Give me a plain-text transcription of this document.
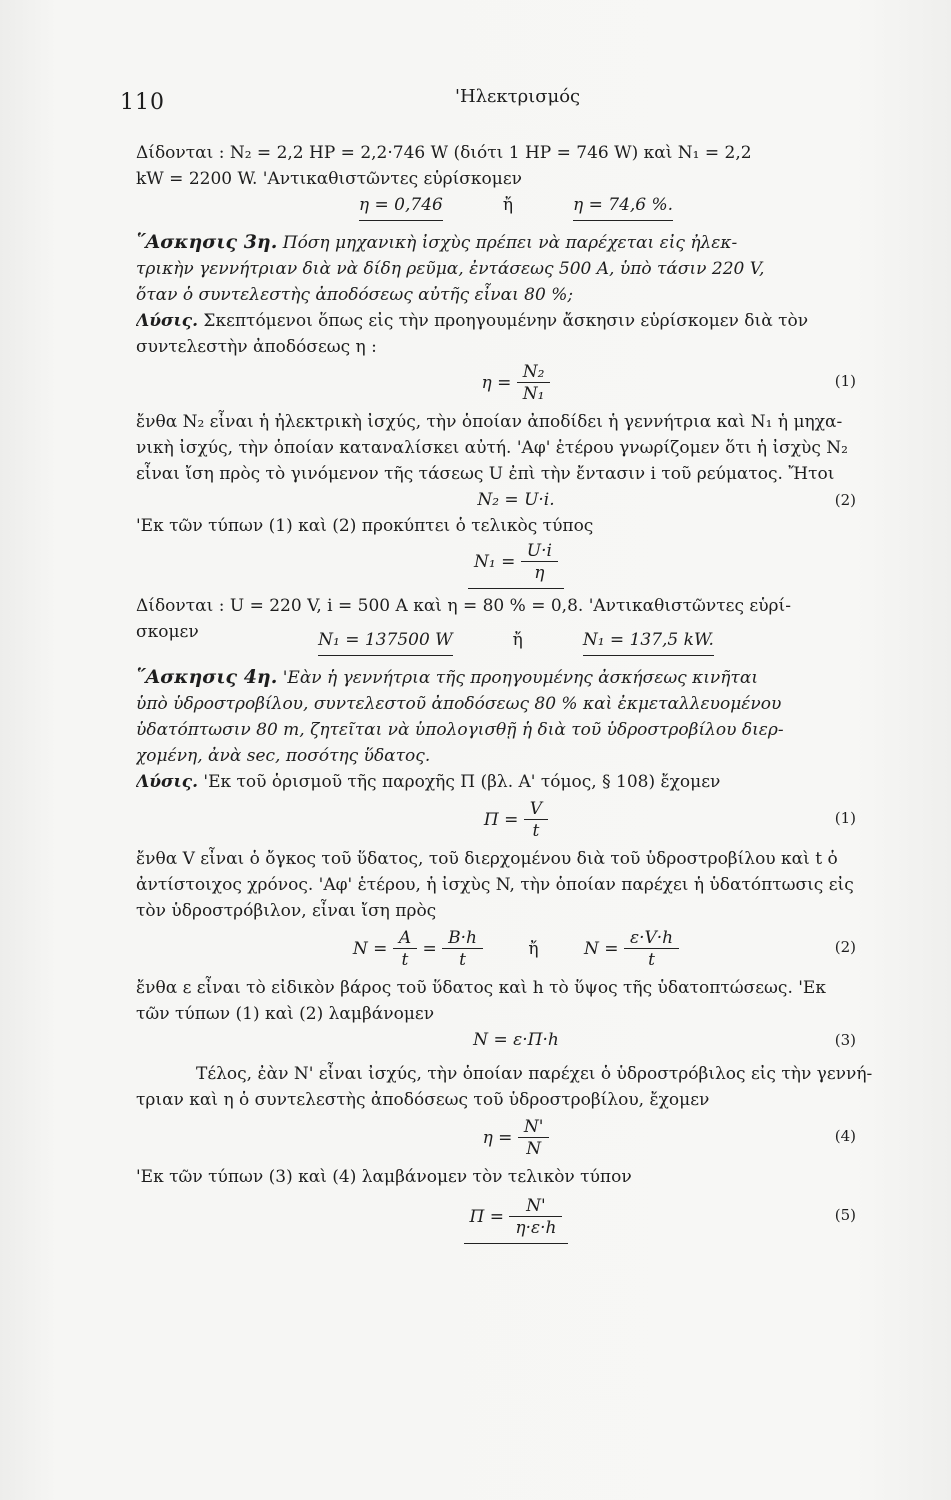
110	'Ηλεκτρισμός
Δίδονται : N₂ = 2,2 HP = 2,2·746 W (διότι 1 HP = 746 W) καὶ N₁ = 2,2
kW = 2200 W. 'Αντικαθιστῶντες εὑρίσκομεν
η = 0,746	ἤ	η = 74,6 %.
῞Ασκησις 3η. Πόση μηχανικὴ ἰσχὺς πρέπει νὰ παρέχεται εἰς ἠλεκ-
τρικὴν γεννήτριαν διὰ νὰ δίδη ρεῦμα, ἐντάσεως 500 A, ὑπὸ τάσιν 220 V,
ὅταν ὁ συντελεστὴς ἀποδόσεως αὐτῆς εἶναι 80 %;
Λύσις. Σκεπτόμενοι ὅπως εἰς τὴν προηγουμένην ἄσκησιν εὑρίσκομεν διὰ τὸν
συντελεστὴν ἀποδόσεως η :
$\eta = \frac{\text{N₂}}{\text{N₁}}$	(1)
ἔνθα N₂ εἶναι ἡ ἠλεκτρικὴ ἰσχύς, τὴν ὁποίαν ἀποδίδει ἡ γεννήτρια καὶ N₁ ἡ μηχα-
νικὴ ἰσχύς, τὴν ὁποίαν καταναλίσκει αὐτή. 'Αφ' ἑτέρου γνωρίζομεν ὅτι ἡ ἰσχὺς N₂
εἶναι ἴση πρὸς τὸ γινόμενον τῆς τάσεως U ἐπὶ τὴν ἔντασιν i τοῦ ρεύματος. Ἤτοι
N₂ = U·i.	(2)
'Εκ τῶν τύπων (1) καὶ (2) προκύπτει ὁ τελικὸς τύπος
$N_1 = \frac{U\cdot i}{\eta}$
Δίδονται : U = 220 V, i = 500 A καὶ η = 80 % = 0,8. 'Αντικαθιστῶντες εὑρί-
σκομεν	N₁ = 137500 W	ἤ	N₁ = 137,5 kW.
῞Ασκησις 4η. 'Εὰν ἡ γεννήτρια τῆς προηγουμένης ἀσκήσεως κινῆται
ὑπὸ ὑδροστροβίλου, συντελεστοῦ ἀποδόσεως 80 % καὶ ἐκμεταλλευομένου
ὑδατόπτωσιν 80 m, ζητεῖται νὰ ὑπολογισθῇ ἡ διὰ τοῦ ὑδροστροβίλου διερ-
χομένη, ἀνὰ sec, ποσότης ὕδατος.
Λύσις. 'Εκ τοῦ ὁρισμοῦ τῆς παροχῆς Π (βλ. Α' τόμος, § 108) ἔχομεν
$\Pi = \frac{V}{t}$	(1)
ἔνθα V εἶναι ὁ ὄγκος τοῦ ὕδατος, τοῦ διερχομένου διὰ τοῦ ὑδροστροβίλου καὶ t ὁ
ἀντίστοιχος χρόνος. 'Αφ' ἑτέρου, ἡ ἰσχὺς N, τὴν ὁποίαν παρέχει ἡ ὑδατόπτωσις εἰς
τὸν ὑδροστρόβιλον, εἶναι ἴση πρὸς
$N = \frac{A}{t} = \frac{B\cdot h}{t}$	ἤ	$N = \frac{\varepsilon\cdot V\cdot h}{t}$	(2)
ἔνθα ε εἶναι τὸ εἰδικὸν βάρος τοῦ ὕδατος καὶ h τὸ ὕψος τῆς ὑδατοπτώσεως. 'Εκ
τῶν τύπων (1) καὶ (2) λαμβάνομεν
N = ε·Π·h	(3)
Τέλος, ἐὰν N' εἶναι ἰσχύς, τὴν ὁποίαν παρέχει ὁ ὑδροστρόβιλος εἰς τὴν γεννή-
τριαν καὶ η ὁ συντελεστὴς ἀποδόσεως τοῦ ὑδροστροβίλου, ἔχομεν
$\eta = \frac{N'}{N}$	(4)
'Εκ τῶν τύπων (3) καὶ (4) λαμβάνομεν τὸν τελικὸν τύπον
$\Pi = \frac{N'}{\eta\cdot\varepsilon\cdot h}$	(5)
